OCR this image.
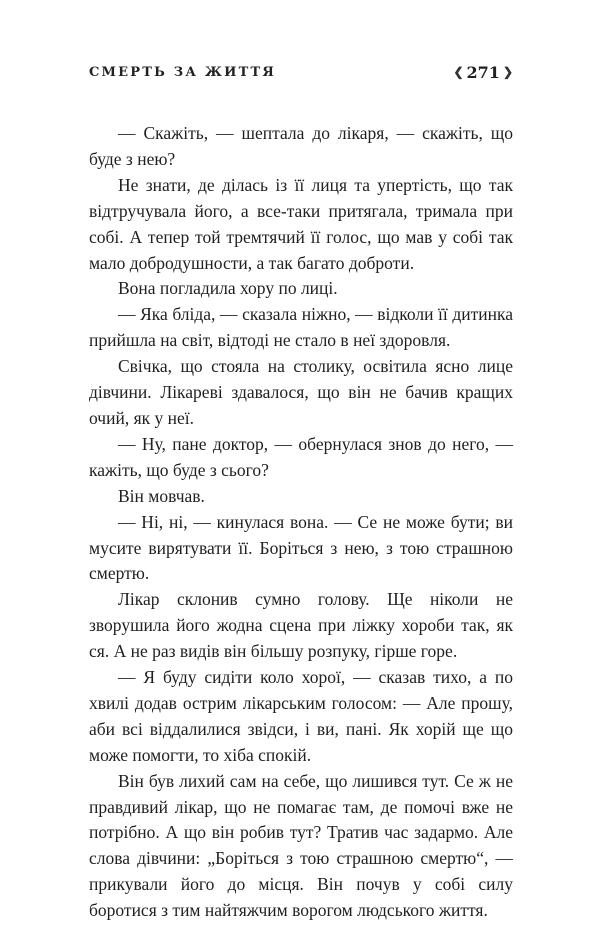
СМЕРТЬ ЗА ЖИТТЯ	❮ 271 ❯

— Скажіть, — шептала до лікаря, — скажіть, що буде з нею?

Не знати, де ділась із її лиця та упертість, що так відтручувала його, а все-таки притягала, тримала при собі. А тепер той тремтячий її голос, що мав у собі так мало добродушности, а так багато доброти.

Вона погладила хору по лиці.

— Яка бліда, — сказала ніжно, — відколи її дитинка прийшла на світ, відтоді не стало в неї здоровля.

Свічка, що стояла на столику, освітила ясно лице дівчини. Лікареві здавалося, що він не бачив кращих очий, як у неї.

— Ну, пане доктор, — обернулася знов до него, — кажіть, що буде з сього?

Він мовчав.

— Ні, ні, — кинулася вона. — Се не може бути; ви мусите вирятувати її. Боріться з нею, з тою страшною смертю.

Лікар склонив сумно голову. Ще ніколи не зворушила його жодна сцена при ліжку хороби так, як ся. А не раз видів він більшу розпуку, гірше горе.

— Я буду сидіти коло хорої, — сказав тихо, а по хвилі додав острим лікарським голосом: — Але прошу, аби всі віддалилися звідси, і ви, пані. Як хорій ще що може помогти, то хіба спокій.

Він був лихий сам на себе, що лишився тут. Се ж не правдивий лікар, що не помагає там, де помочі вже не потрібно. А що він робив тут? Тратив час задармо. Але слова дівчини: „Боріться з тою страшною смертю“, — прикували його до місця. Він почув у собі силу боротися з тим найтяжчим ворогом людського життя.
